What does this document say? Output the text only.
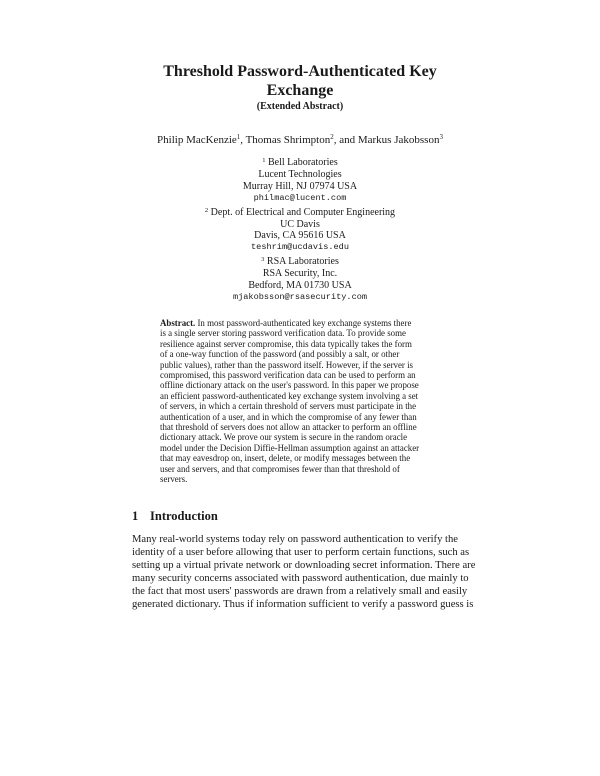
Threshold Password-Authenticated Key
Exchange
(Extended Abstract)
Philip MacKenzie$^1$, Thomas Shrimpton$^2$, and Markus Jakobsson$^3$
$^1$ Bell Laboratories
Lucent Technologies
Murray Hill, NJ 07974 USA
philmac@lucent.com
$^2$ Dept. of Electrical and Computer Engineering
UC Davis
Davis, CA 95616 USA
teshrim@ucdavis.edu
$^3$ RSA Laboratories
RSA Security, Inc.
Bedford, MA 01730 USA
mjakobsson@rsasecurity.com
Abstract. In most password-authenticated key exchange systems there
is a single server storing password verification data. To provide some
resilience against server compromise, this data typically takes the form
of a one-way function of the password (and possibly a salt, or other
public values), rather than the password itself. However, if the server is
compromised, this password verification data can be used to perform an
offline dictionary attack on the user's password. In this paper we propose
an efficient password-authenticated key exchange system involving a set
of servers, in which a certain threshold of servers must participate in the
authentication of a user, and in which the compromise of any fewer than
that threshold of servers does not allow an attacker to perform an offline
dictionary attack. We prove our system is secure in the random oracle
model under the Decision Diffie-Hellman assumption against an attacker
that may eavesdrop on, insert, delete, or modify messages between the
user and servers, and that compromises fewer than that threshold of
servers.
1 Introduction
Many real-world systems today rely on password authentication to verify the
identity of a user before allowing that user to perform certain functions, such as
setting up a virtual private network or downloading secret information. There are
many security concerns associated with password authentication, due mainly to
the fact that most users' passwords are drawn from a relatively small and easily
generated dictionary. Thus if information sufficient to verify a password guess is
